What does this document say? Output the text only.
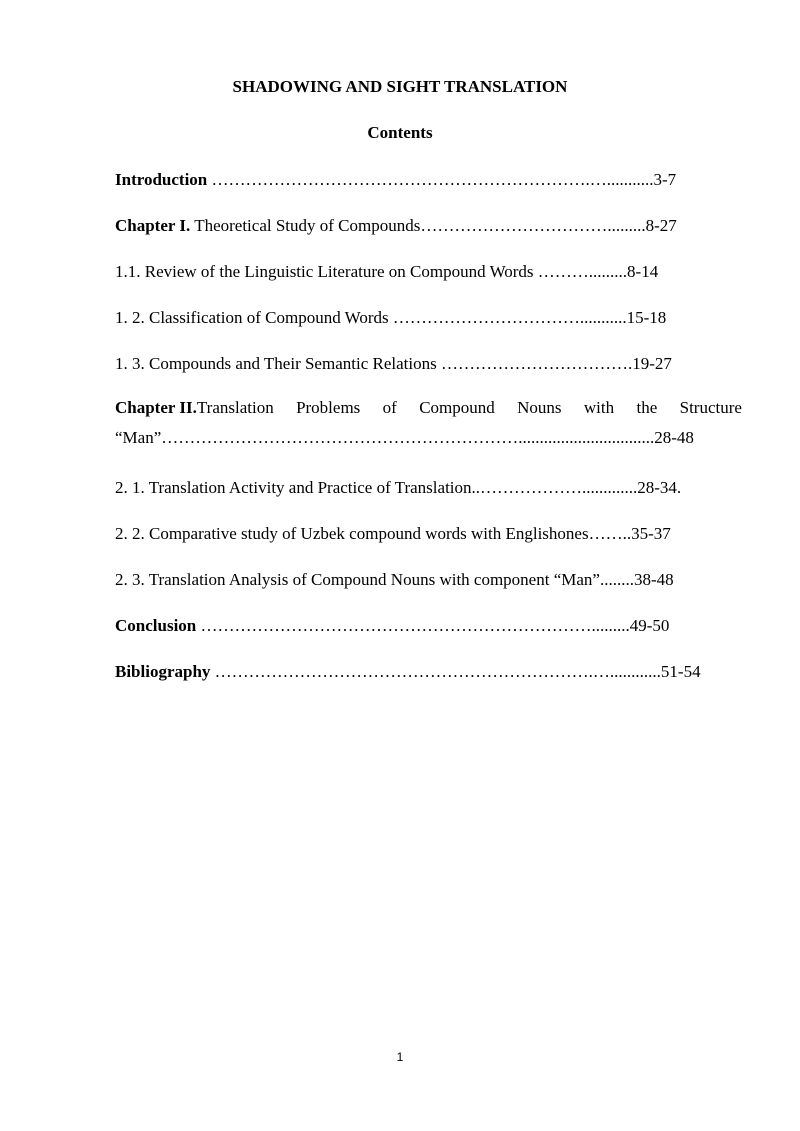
SHADOWING AND SIGHT TRANSLATION
Contents
Introduction ………………………………………………………….…...........3-7
Chapter I. Theoretical Study of Compounds…………………………….........8-27
1.1. Review of the Linguistic Literature on Compound Words ……….........8-14
1. 2. Classification of Compound Words ……………………………...........15-18
1. 3. Compounds and Their Semantic Relations …………………………….19-27
Chapter II.Translation Problems of Compound Nouns with the Structure
“Man”………………………………………………………................................28-48
2. 1. Translation Activity and Practice of Translation..……………….............28-34.
2. 2. Comparative study of Uzbek compound words with Englishones……..35-37
2. 3. Translation Analysis of Compound Nouns with component “Man”........38-48
Conclusion …………………………………………………………….........49-50
Bibliography ………………………………………………………….…............51-54
1
